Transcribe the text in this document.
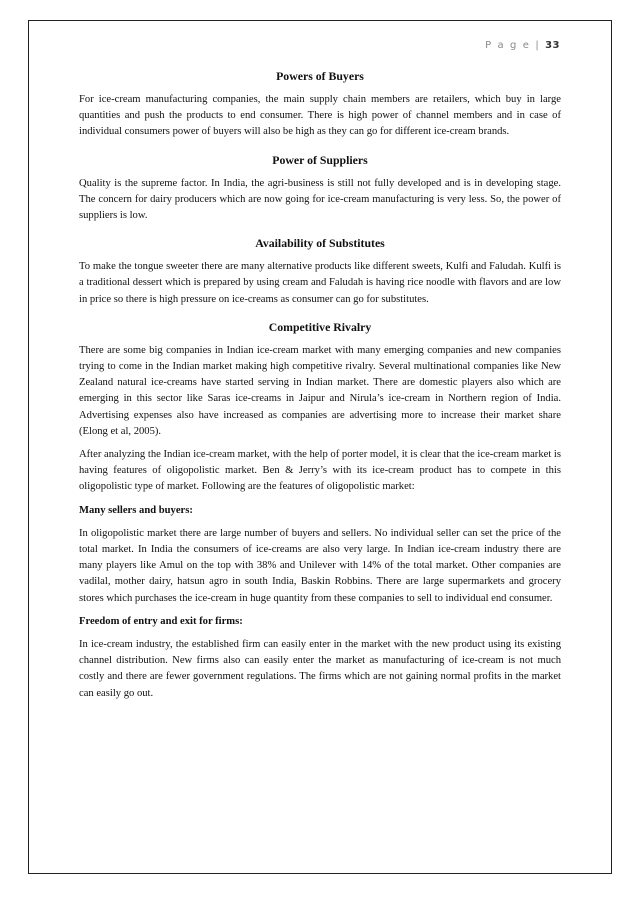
P a g e | 33
Powers of Buyers

For ice-cream manufacturing companies, the main supply chain members are retailers, which buy in large quantities and push the products to end consumer. There is high power of channel members and in case of individual consumers power of buyers will also be high as they can go for different ice-cream brands.

Power of Suppliers

Quality is the supreme factor. In India, the agri-business is still not fully developed and is in developing stage. The concern for dairy producers which are now going for ice-cream manufacturing is very less. So, the power of suppliers is low.

Availability of Substitutes

To make the tongue sweeter there are many alternative products like different sweets, Kulfi and Faludah. Kulfi is a traditional dessert which is prepared by using cream and Faludah is having rice noodle with flavors and are low in price so there is high pressure on ice-creams as consumer can go for substitutes.

Competitive Rivalry

There are some big companies in Indian ice-cream market with many emerging companies and new companies trying to come in the Indian market making high competitive rivalry. Several multinational companies like New Zealand natural ice-creams have started serving in Indian market. There are domestic players also which are emerging in this sector like Saras ice-creams in Jaipur and Nirula’s ice-cream in Northern region of India. Advertising expenses also have increased as companies are advertising more to increase their market share (Elong et al, 2005).

After analyzing the Indian ice-cream market, with the help of porter model, it is clear that the ice-cream market is having features of oligopolistic market. Ben & Jerry’s with its ice-cream product has to compete in this oligopolistic type of market. Following are the features of oligopolistic market:

Many sellers and buyers:

In oligopolistic market there are large number of buyers and sellers. No individual seller can set the price of the total market. In India the consumers of ice-creams are also very large. In Indian ice-cream industry there are many players like Amul on the top with 38% and Unilever with 14% of the total market. Other companies are vadilal, mother dairy, hatsun agro in south India, Baskin Robbins. There are large supermarkets and grocery stores which purchases the ice-cream in huge quantity from these companies to sell to individual end consumer.

Freedom of entry and exit for firms:

In ice-cream industry, the established firm can easily enter in the market with the new product using its existing channel distribution. New firms also can easily enter the market as manufacturing of ice-cream is not much costly and there are fewer government regulations. The firms which are not gaining normal profits in the market can easily go out.
